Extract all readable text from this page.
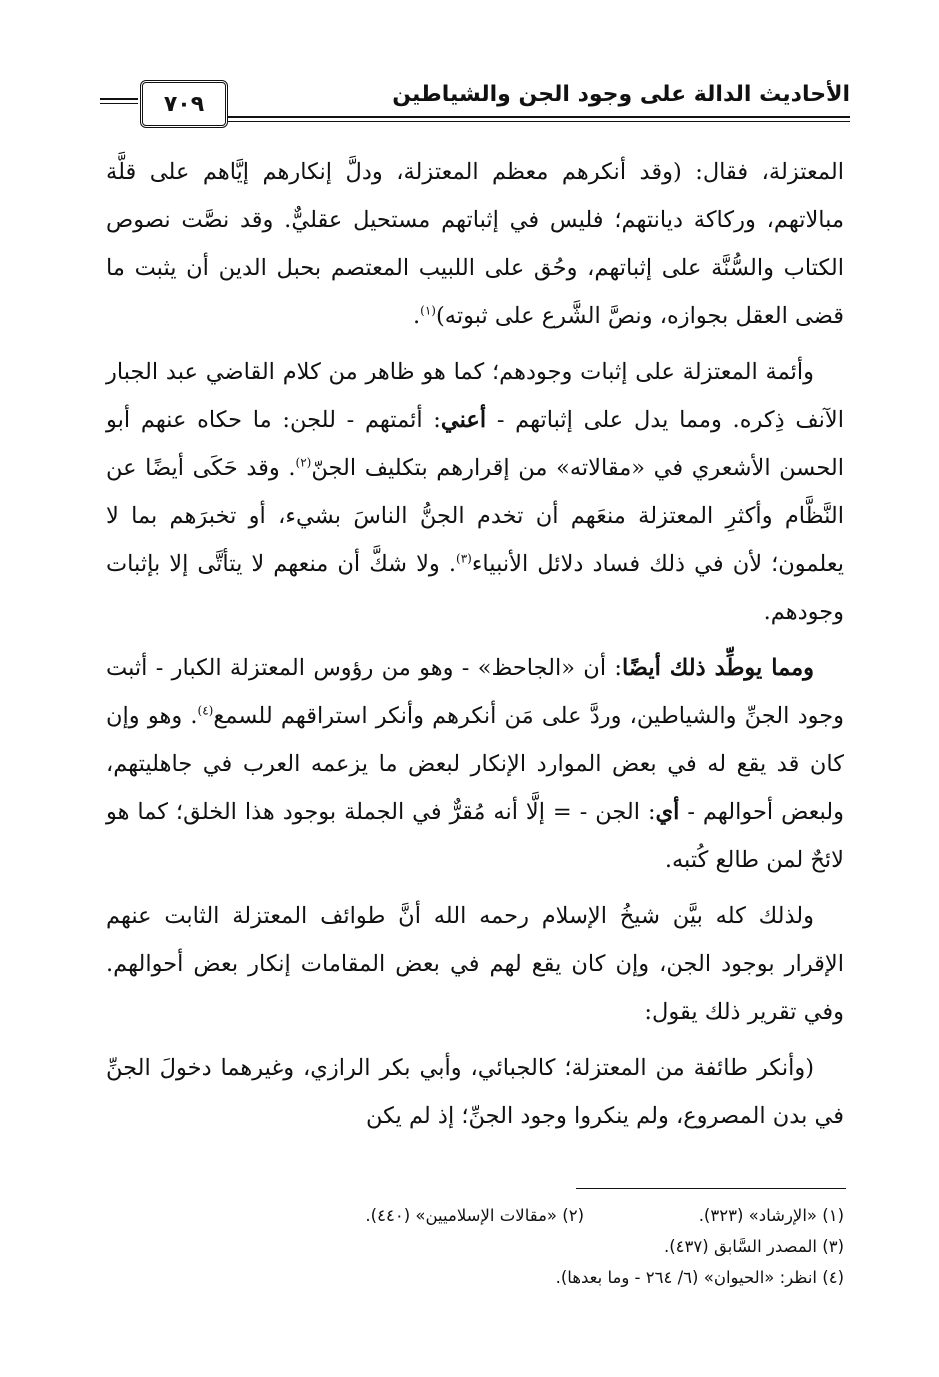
الأحاديث الدالة على وجود الجن والشياطين
٧٠٩

المعتزلة، فقال: (وقد أنكرهم معظم المعتزلة، ودلَّ إنكارهم إيَّاهم على قلَّة مبالاتهم، وركاكة ديانتهم؛ فليس في إثباتهم مستحيل عقليٌّ. وقد نصَّت نصوص الكتاب والسُّنَّة على إثباتهم، وحُق على اللبيب المعتصم بحبل الدين أن يثبت ما قضى العقل بجوازه، ونصَّ الشَّرع على ثبوته)$^{(١)}$.

وأئمة المعتزلة على إثبات وجودهم؛ كما هو ظاهر من كلام القاضي عبد الجبار الآنف ذِكره. ومما يدل على إثباتهم - أعني: أئمتهم - للجن: ما حكاه عنهم أبو الحسن الأشعري في «مقالاته» من إقرارهم بتكليف الجنّ$^{(٢)}$. وقد حَكَى أيضًا عن النَّظَّام وأكثرِ المعتزلة منعَهم أن تخدم الجنُّ الناسَ بشيء، أو تخبرَهم بما لا يعلمون؛ لأن في ذلك فساد دلائل الأنبياء$^{(٣)}$. ولا شكَّ أن منعهم لا يتأتَّى إلا بإثبات وجودهم.

ومما يوطِّد ذلك أيضًا: أن «الجاحظ» - وهو من رؤوس المعتزلة الكبار - أثبت وجود الجنِّ والشياطين، وردَّ على مَن أنكرهم وأنكر استراقهم للسمع$^{(٤)}$. وهو وإن كان قد يقع له في بعض الموارد الإنكار لبعض ما يزعمه العرب في جاهليتهم، ولبعض أحوالهم - أي: الجن - = إلَّا أنه مُقرٌّ في الجملة بوجود هذا الخلق؛ كما هو لائحٌ لمن طالع كُتبه.

ولذلك كله بيَّن شيخُ الإسلام رحمه الله أنَّ طوائف المعتزلة الثابت عنهم الإقرار بوجود الجن، وإن كان يقع لهم في بعض المقامات إنكار بعض أحوالهم. وفي تقرير ذلك يقول:

(وأنكر طائفة من المعتزلة؛ كالجبائي، وأبي بكر الرازي، وغيرهما دخولَ الجنِّ في بدن المصروع، ولم ينكروا وجود الجنِّ؛ إذ لم يكن

(١) «الإرشاد» (٣٢٣).
(٢) «مقالات الإسلاميين» (٤٤٠).
(٣) المصدر السَّابق (٤٣٧).
(٤) انظر: «الحيوان» (٦/ ٢٦٤ - وما بعدها).
